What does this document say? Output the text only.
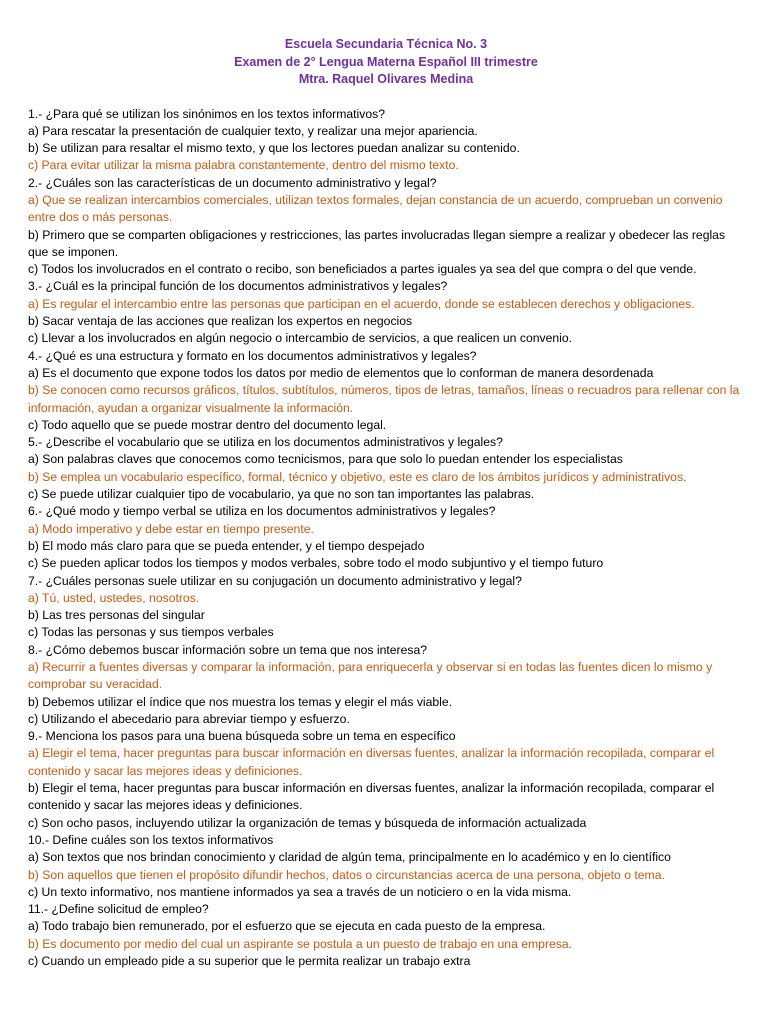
Escuela Secundaria Técnica No. 3
Examen de 2° Lengua Materna Español III trimestre
Mtra. Raquel Olivares Medina
1.- ¿Para qué se utilizan los sinónimos en los textos informativos?
a) Para rescatar la presentación de cualquier texto, y realizar una mejor apariencia.
b) Se utilizan para resaltar el mismo texto, y que los lectores puedan analizar su contenido.
c) Para evitar utilizar la misma palabra constantemente, dentro del mismo texto.
2.- ¿Cuáles son las características de un documento administrativo y legal?
a) Que se realizan intercambios comerciales, utilizan textos formales, dejan constancia de un acuerdo, comprueban un convenio entre dos o más personas.
b) Primero que se comparten obligaciones y restricciones, las partes involucradas llegan siempre a realizar y obedecer las reglas que se imponen.
c) Todos los involucrados en el contrato o recibo, son beneficiados a partes iguales ya sea del que compra o del que vende.
3.- ¿Cuál es la principal función de los documentos administrativos y legales?
a) Es regular el intercambio entre las personas que participan en el acuerdo, donde se establecen derechos y obligaciones.
b) Sacar ventaja de las acciones que realizan los expertos en negocios
c) Llevar a los involucrados en algún negocio o intercambio de servicios, a que realicen un convenio.
4.- ¿Qué es una estructura y formato en los documentos administrativos y legales?
a) Es el documento que expone todos los datos por medio de elementos que lo conforman de manera desordenada
b) Se conocen como recursos gráficos, títulos, subtítulos, números, tipos de letras, tamaños, líneas o recuadros para rellenar con la información, ayudan a organizar visualmente la información.
c) Todo aquello que se puede mostrar dentro del documento legal.
5.- ¿Describe el vocabulario que se utiliza en los documentos administrativos y legales?
a) Son palabras claves que conocemos como tecnicismos, para que solo lo puedan entender los especialistas
b) Se emplea un vocabulario específico, formal, técnico y objetivo, este es claro de los ámbitos jurídicos y administrativos.
c) Se puede utilizar cualquier tipo de vocabulario, ya que no son tan importantes las palabras.
6.- ¿Qué modo y tiempo verbal se utiliza en los documentos administrativos y legales?
a) Modo imperativo y debe estar en tiempo presente.
b) El modo más claro para que se pueda entender, y el tiempo despejado
c) Se pueden aplicar todos los tiempos y modos verbales, sobre todo el modo subjuntivo y el tiempo futuro
7.- ¿Cuáles personas suele utilizar en su conjugación un documento administrativo y legal?
a) Tú, usted, ustedes, nosotros.
b) Las tres personas del singular
c) Todas las personas y sus tiempos verbales
8.- ¿Cómo debemos buscar información sobre un tema que nos interesa?
a) Recurrir a fuentes diversas y comparar la información, para enriquecerla y observar si en todas las fuentes dicen lo mismo y comprobar su veracidad.
b) Debemos utilizar el índice que nos muestra los temas y elegir el más viable.
c) Utilizando el abecedario para abreviar tiempo y esfuerzo.
9.- Menciona los pasos para una buena búsqueda sobre un tema en específico
a) Elegir el tema, hacer preguntas para buscar información en diversas fuentes, analizar la información recopilada, comparar el contenido y sacar las mejores ideas y definiciones.
b) Elegir el tema, hacer preguntas para buscar información en diversas fuentes, analizar la información recopilada, comparar el contenido y sacar las mejores ideas y definiciones.
c) Son ocho pasos, incluyendo utilizar la organización de temas y búsqueda de información actualizada
10.- Define cuáles son los textos informativos
a) Son textos que nos brindan conocimiento y claridad de algún tema, principalmente en lo académico y en lo científico
b) Son aquellos que tienen el propósito difundir hechos, datos o circunstancias acerca de una persona, objeto o tema.
c) Un texto informativo, nos mantiene informados ya sea a través de un noticiero o en la vida misma.
11.- ¿Define solicitud de empleo?
a) Todo trabajo bien remunerado, por el esfuerzo que se ejecuta en cada puesto de la empresa.
b) Es documento por medio del cual un aspirante se postula a un puesto de trabajo en una empresa.
c) Cuando un empleado pide a su superior que le permita realizar un trabajo extra
